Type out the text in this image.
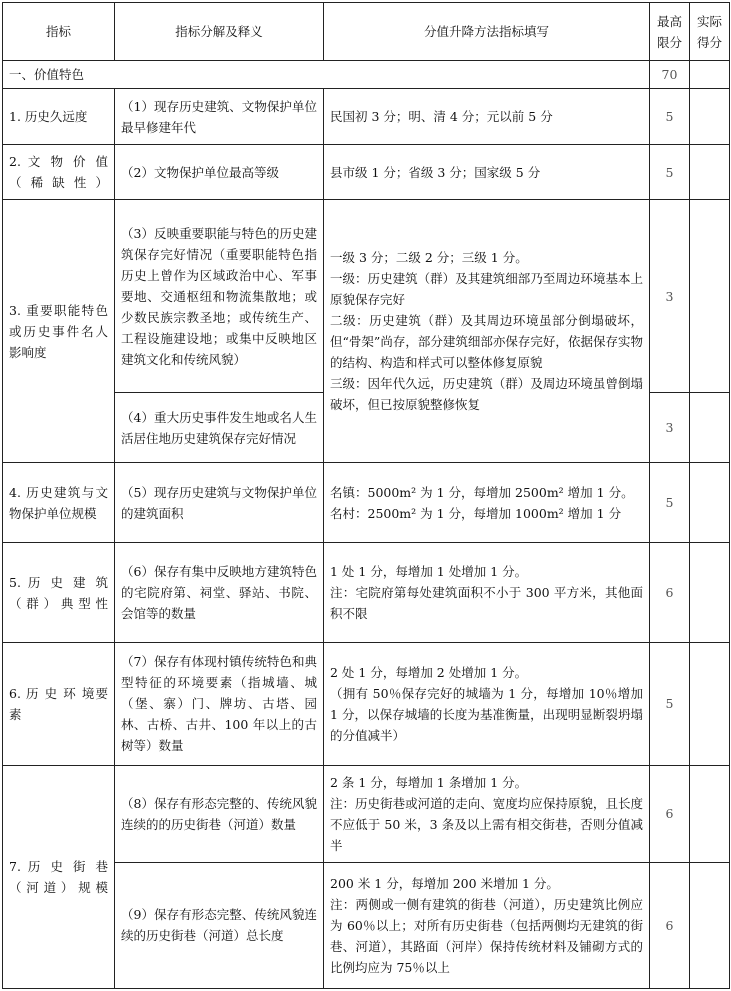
指标	指标分解及释义	分值升降方法指标填写	最高
限分	实际
得分
一、价值特色			70	
1. 历史久远度	（1）现存历史建筑、文物保护单位最早修建年代	民国初 3 分；明、清 4 分；元以前 5 分	5	
2. 文 物 价 值（稀缺性）	（2）文物保护单位最高等级	县市级 1 分；省级 3 分；国家级 5 分	5	
3. 重要职能特色或历史事件名人影响度	（3）反映重要职能与特色的历史建筑保存完好情况（重要职能特色指历史上曾作为区域政治中心、军事要地、交通枢纽和物流集散地；或少数民族宗教圣地；或传统生产、工程设施建设地；或集中反映地区建筑文化和传统风貌）	一级 3 分；二级 2 分；三级 1 分。

一级：历史建筑（群）及其建筑细部乃至周边环境基本上原貌保存完好

二级：历史建筑（群）及其周边环境虽部分倒塌破坏，但“骨架”尚存，部分建筑细部亦保存完好，依据保存实物的结构、构造和样式可以整体修复原貌

三级：因年代久远，历史建筑（群）及周边环境虽曾倒塌破坏，但已按原貌整修恢复	3	
	（4）重大历史事件发生地或名人生活居住地历史建筑保存完好情况		3	
4. 历史建筑与文物保护单位规模	（5）现存历史建筑与文物保护单位的建筑面积	名镇：5000m² 为 1 分，每增加 2500m² 增加 1 分。

名村：2500m² 为 1 分，每增加 1000m² 增加 1 分	5	
5. 历 史 建 筑（群）典型性	（6）保存有集中反映地方建筑特色的宅院府第、祠堂、驿站、书院、会馆等的数量	1 处 1 分，每增加 1 处增加 1 分。

注：宅院府第每处建筑面积不小于 300 平方米，其他面积不限	6	
6. 历 史 环 境要素	（7）保存有体现村镇传统特色和典型特征的环境要素（指城墙、城（堡、寨）门、牌坊、古塔、园林、古桥、古井、100 年以上的古树等）数量	2 处 1 分，每增加 2 处增加 1 分。

（拥有 50％保存完好的城墙为 1 分，每增加 10％增加 1 分，以保存城墙的长度为基准衡量，出现明显断裂坍塌的分值减半）	5	
7. 历 史 街 巷（河道）规模	（8）保存有形态完整的、传统风貌连续的的历史街巷（河道）数量	2 条 1 分，每增加 1 条增加 1 分。

注：历史街巷或河道的走向、宽度均应保持原貌，且长度不应低于 50 米，3 条及以上需有相交街巷，否则分值减半	6	
	（9）保存有形态完整、传统风貌连续的历史街巷（河道）总长度	200 米 1 分，每增加 200 米增加 1 分。

注：两侧或一侧有建筑的街巷（河道），历史建筑比例应为 60％以上；对所有历史街巷（包括两侧均无建筑的街巷、河道），其路面（河岸）保持传统材料及铺砌方式的比例均应为 75％以上	6	
